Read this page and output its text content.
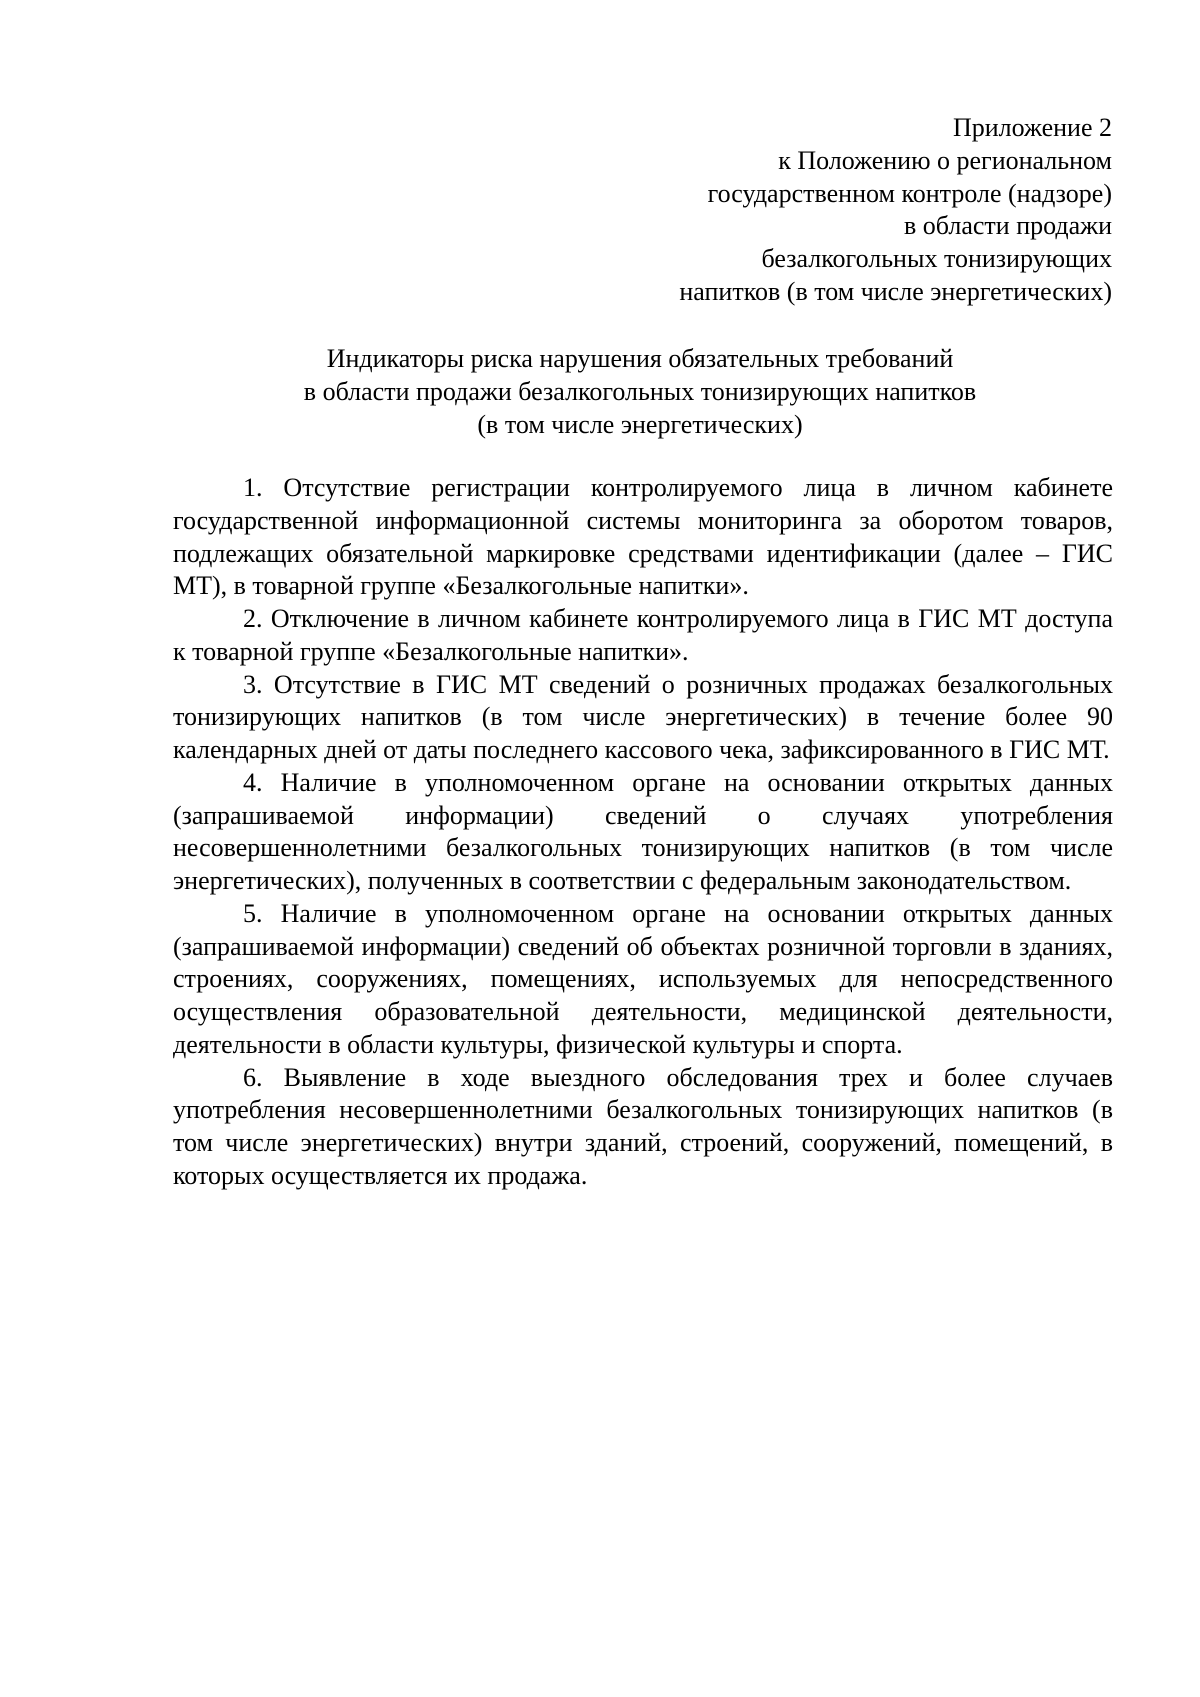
Приложение 2
к Положению о региональном
государственном контроле (надзоре)
в области продажи
безалкогольных тонизирующих
напитков (в том числе энергетических)
Индикаторы риска нарушения обязательных требований
в области продажи безалкогольных тонизирующих напитков
(в том числе энергетических)

1. Отсутствие регистрации контролируемого лица в личном кабинете государственной информационной системы мониторинга за оборотом товаров, подлежащих обязательной маркировке средствами идентификации (далее – ГИС МТ), в товарной группе «Безалкогольные напитки».

2. Отключение в личном кабинете контролируемого лица в ГИС МТ доступа к товарной группе «Безалкогольные напитки».

3. Отсутствие в ГИС МТ сведений о розничных продажах безалкогольных тонизирующих напитков (в том числе энергетических) в течение более 90 календарных дней от даты последнего кассового чека, зафиксированного в ГИС МТ.

4. Наличие в уполномоченном органе на основании открытых данных (запрашиваемой информации) сведений о случаях употребления несовершеннолетними безалкогольных тонизирующих напитков (в том числе энергетических), полученных в соответствии с федеральным законодательством.

5. Наличие в уполномоченном органе на основании открытых данных (запрашиваемой информации) сведений об объектах розничной торговли в зданиях, строениях, сооружениях, помещениях, используемых для непосредственного осуществления образовательной деятельности, медицинской деятельности, деятельности в области культуры, физической культуры и спорта.

6. Выявление в ходе выездного обследования трех и более случаев употребления несовершеннолетними безалкогольных тонизирующих напитков (в том числе энергетических) внутри зданий, строений, сооружений, помещений, в которых осуществляется их продажа.
